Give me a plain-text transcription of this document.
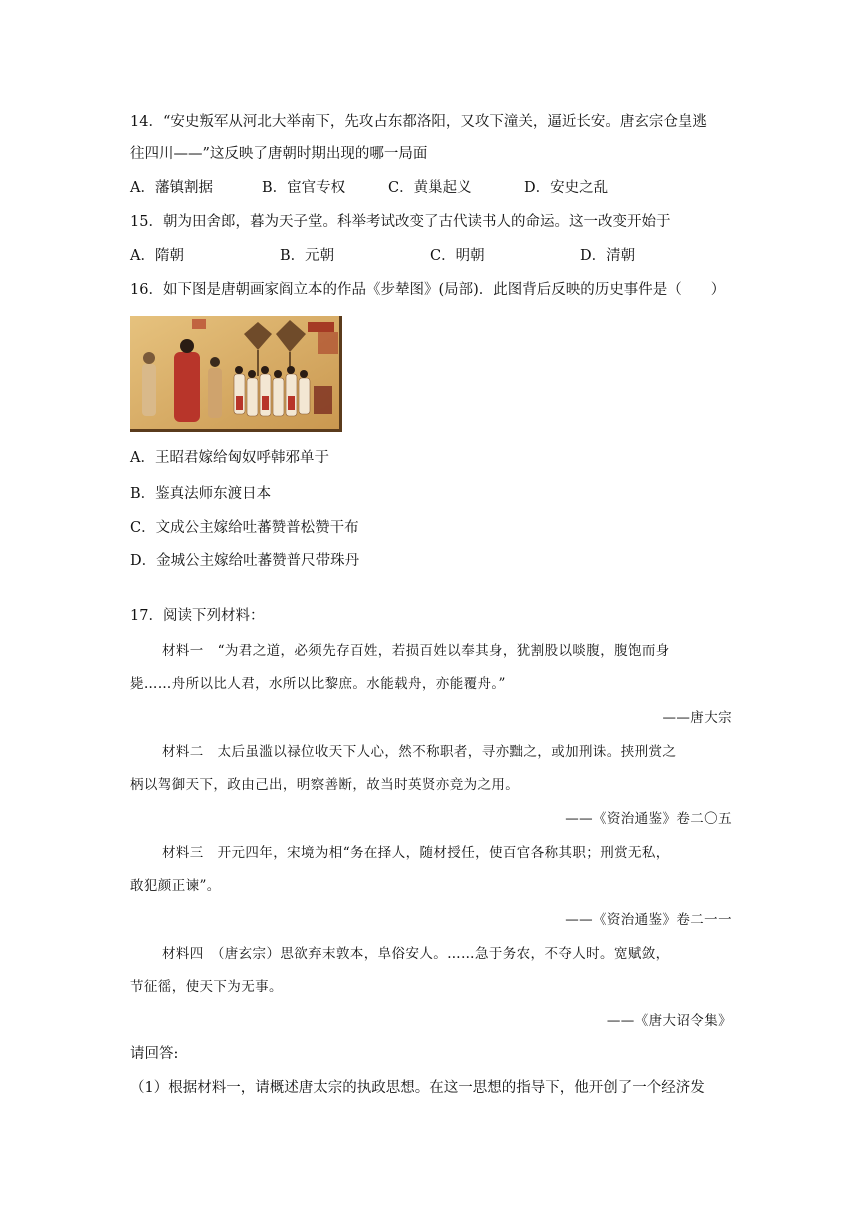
14．“安史叛军从河北大举南下，先攻占东都洛阳，又攻下潼关，逼近长安。唐玄宗仓皇逃
往四川——”这反映了唐朝时期出现的哪一局面
A．藩镇割据	B．宦官专权	C．黄巢起义	D．安史之乱
15．朝为田舍郎，暮为天子堂。科举考试改变了古代读书人的命运。这一改变开始于
A．隋朝	B．元朝	C．明朝	D．清朝
16．如下图是唐朝画家阎立本的作品《步辇图》(局部)．此图背后反映的历史事件是（　　）
A．王昭君嫁给匈奴呼韩邪单于
B．鉴真法师东渡日本
C．文成公主嫁给吐蕃赞普松赞干布
D．金城公主嫁给吐蕃赞普尺带珠丹
17．阅读下列材料：
材料一　“为君之道，必须先存百姓，若损百姓以奉其身，犹割股以啖腹，腹饱而身
毙……舟所以比人君，水所以比黎庶。水能载舟，亦能覆舟。”
——唐大宗
材料二　太后虽滥以禄位收天下人心，然不称职者，寻亦黜之，或加刑诛。挟刑赏之
柄以驾御天下，政由己出，明察善断，故当时英贤亦竞为之用。
——《资治通鉴》卷二〇五
材料三　开元四年，宋境为相“务在择人，随材授任，使百官各称其职；刑赏无私，
敢犯颜正谏”。
——《资治通鉴》卷二一一
材料四　（唐玄宗）思欲弃末敦本，阜俗安人。……急于务农，不夺人时。宽赋敛，
节征徭，使天下为无事。
——《唐大诏令集》
请回答:
（1）根据材料一，请概述唐太宗的执政思想。在这一思想的指导下，他开创了一个经济发
